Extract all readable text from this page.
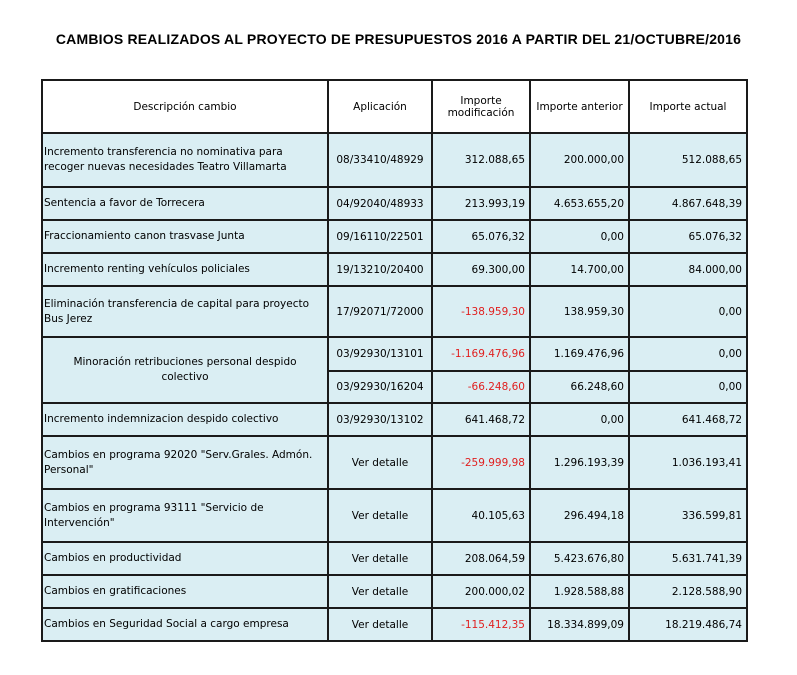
CAMBIOS REALIZADOS AL PROYECTO DE PRESUPUESTOS 2016 A PARTIR DEL 21/OCTUBRE/2016
Descripción cambio	Aplicación	Importe modificación	Importe anterior	Importe actual
Incremento transferencia no nominativa para recoger nuevas necesidades Teatro Villamarta	08/33410/48929	312.088,65	200.000,00	512.088,65
Sentencia a favor de Torrecera	04/92040/48933	213.993,19	4.653.655,20	4.867.648,39
Fraccionamiento canon trasvase Junta	09/16110/22501	65.076,32	0,00	65.076,32
Incremento renting vehículos policiales	19/13210/20400	69.300,00	14.700,00	84.000,00
Eliminación transferencia de capital para proyecto Bus Jerez	17/92071/72000	-138.959,30	138.959,30	0,00
Minoración retribuciones personal despido colectivo	03/92930/13101	-1.169.476,96	1.169.476,96	0,00
	03/92930/16204	-66.248,60	66.248,60	0,00
Incremento indemnizacion despido colectivo	03/92930/13102	641.468,72	0,00	641.468,72
Cambios en programa 92020 "Serv.Grales. Admón. Personal"	Ver detalle	-259.999,98	1.296.193,39	1.036.193,41
Cambios en programa 93111 "Servicio de Intervención"	Ver detalle	40.105,63	296.494,18	336.599,81
Cambios en productividad	Ver detalle	208.064,59	5.423.676,80	5.631.741,39
Cambios en gratificaciones	Ver detalle	200.000,02	1.928.588,88	2.128.588,90
Cambios en Seguridad Social a cargo empresa	Ver detalle	-115.412,35	18.334.899,09	18.219.486,74
